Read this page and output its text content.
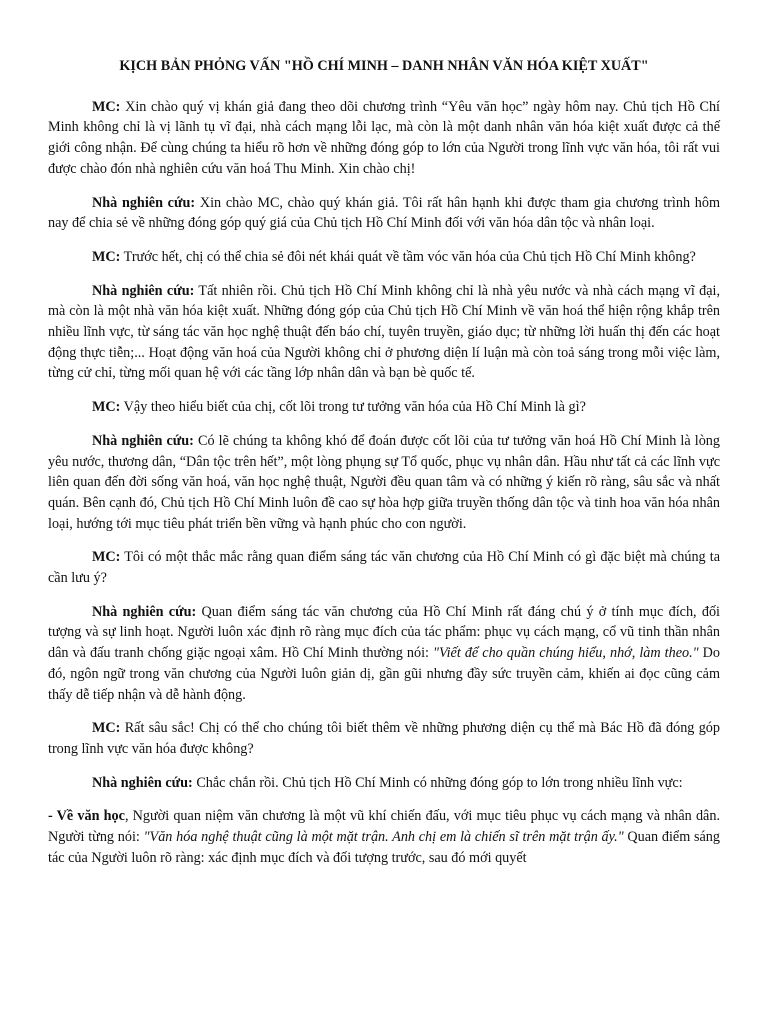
KỊCH BẢN PHỎNG VẤN "HỒ CHÍ MINH – DANH NHÂN VĂN HÓA KIỆT XUẤT"

MC: Xin chào quý vị khán giả đang theo dõi chương trình “Yêu văn học” ngày hôm nay. Chủ tịch Hồ Chí Minh không chỉ là vị lãnh tụ vĩ đại, nhà cách mạng lỗi lạc, mà còn là một danh nhân văn hóa kiệt xuất được cả thế giới công nhận. Để cùng chúng ta hiểu rõ hơn về những đóng góp to lớn của Người trong lĩnh vực văn hóa, tôi rất vui được chào đón nhà nghiên cứu văn hoá Thu Minh. Xin chào chị!

Nhà nghiên cứu: Xin chào MC, chào quý khán giả. Tôi rất hân hạnh khi được tham gia chương trình hôm nay để chia sẻ về những đóng góp quý giá của Chủ tịch Hồ Chí Minh đối với văn hóa dân tộc và nhân loại.

MC: Trước hết, chị có thể chia sẻ đôi nét khái quát về tầm vóc văn hóa của Chủ tịch Hồ Chí Minh không?

Nhà nghiên cứu: Tất nhiên rồi. Chủ tịch Hồ Chí Minh không chỉ là nhà yêu nước và nhà cách mạng vĩ đại, mà còn là một nhà văn hóa kiệt xuất. Những đóng góp của Chủ tịch Hồ Chí Minh về văn hoá thể hiện rộng khắp trên nhiều lĩnh vực, từ sáng tác văn học nghệ thuật đến báo chí, tuyên truyền, giáo dục; từ những lời huấn thị đến các hoạt động thực tiễn;... Hoạt động văn hoá của Người không chỉ ở phương diện lí luận mà còn toả sáng trong mỗi việc làm, từng cử chỉ, từng mối quan hệ với các tầng lớp nhân dân và bạn bè quốc tế.

MC: Vậy theo hiểu biết của chị, cốt lõi trong tư tưởng văn hóa của Hồ Chí Minh là gì?

Nhà nghiên cứu: Có lẽ chúng ta không khó để đoán được cốt lõi của tư tưởng văn hoá Hồ Chí Minh là lòng yêu nước, thương dân, “Dân tộc trên hết”, một lòng phụng sự Tổ quốc, phục vụ nhân dân. Hầu như tất cả các lĩnh vực liên quan đến đời sống văn hoá, văn học nghệ thuật, Người đều quan tâm và có những ý kiến rõ ràng, sâu sắc và nhất quán. Bên cạnh đó, Chủ tịch Hồ Chí Minh luôn đề cao sự hòa hợp giữa truyền thống dân tộc và tinh hoa văn hóa nhân loại, hướng tới mục tiêu phát triển bền vững và hạnh phúc cho con người.

MC: Tôi có một thắc mắc rằng quan điểm sáng tác văn chương của Hồ Chí Minh có gì đặc biệt mà chúng ta cần lưu ý?

Nhà nghiên cứu: Quan điểm sáng tác văn chương của Hồ Chí Minh rất đáng chú ý ở tính mục đích, đối tượng và sự linh hoạt. Người luôn xác định rõ ràng mục đích của tác phẩm: phục vụ cách mạng, cổ vũ tinh thần nhân dân và đấu tranh chống giặc ngoại xâm. Hồ Chí Minh thường nói: "Viết để cho quần chúng hiểu, nhớ, làm theo." Do đó, ngôn ngữ trong văn chương của Người luôn giản dị, gần gũi nhưng đầy sức truyền cảm, khiến ai đọc cũng cảm thấy dễ tiếp nhận và dễ hành động.

MC: Rất sâu sắc! Chị có thể cho chúng tôi biết thêm về những phương diện cụ thể mà Bác Hồ đã đóng góp trong lĩnh vực văn hóa được không?

Nhà nghiên cứu: Chắc chắn rồi. Chủ tịch Hồ Chí Minh có những đóng góp to lớn trong nhiều lĩnh vực:

- Về văn học, Người quan niệm văn chương là một vũ khí chiến đấu, với mục tiêu phục vụ cách mạng và nhân dân. Người từng nói: "Văn hóa nghệ thuật cũng là một mặt trận. Anh chị em là chiến sĩ trên mặt trận ấy." Quan điểm sáng tác của Người luôn rõ ràng: xác định mục đích và đối tượng trước, sau đó mới quyết
